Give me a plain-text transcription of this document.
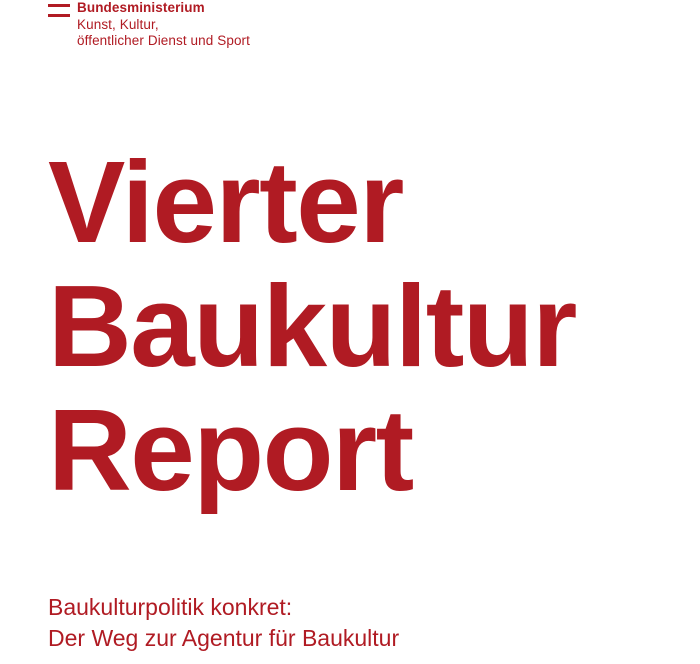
Bundesministerium
Kunst, Kultur,
öffentlicher Dienst und Sport
Vierter
Baukultur
Report
Baukulturpolitik konkret:
Der Weg zur Agentur für Baukultur
